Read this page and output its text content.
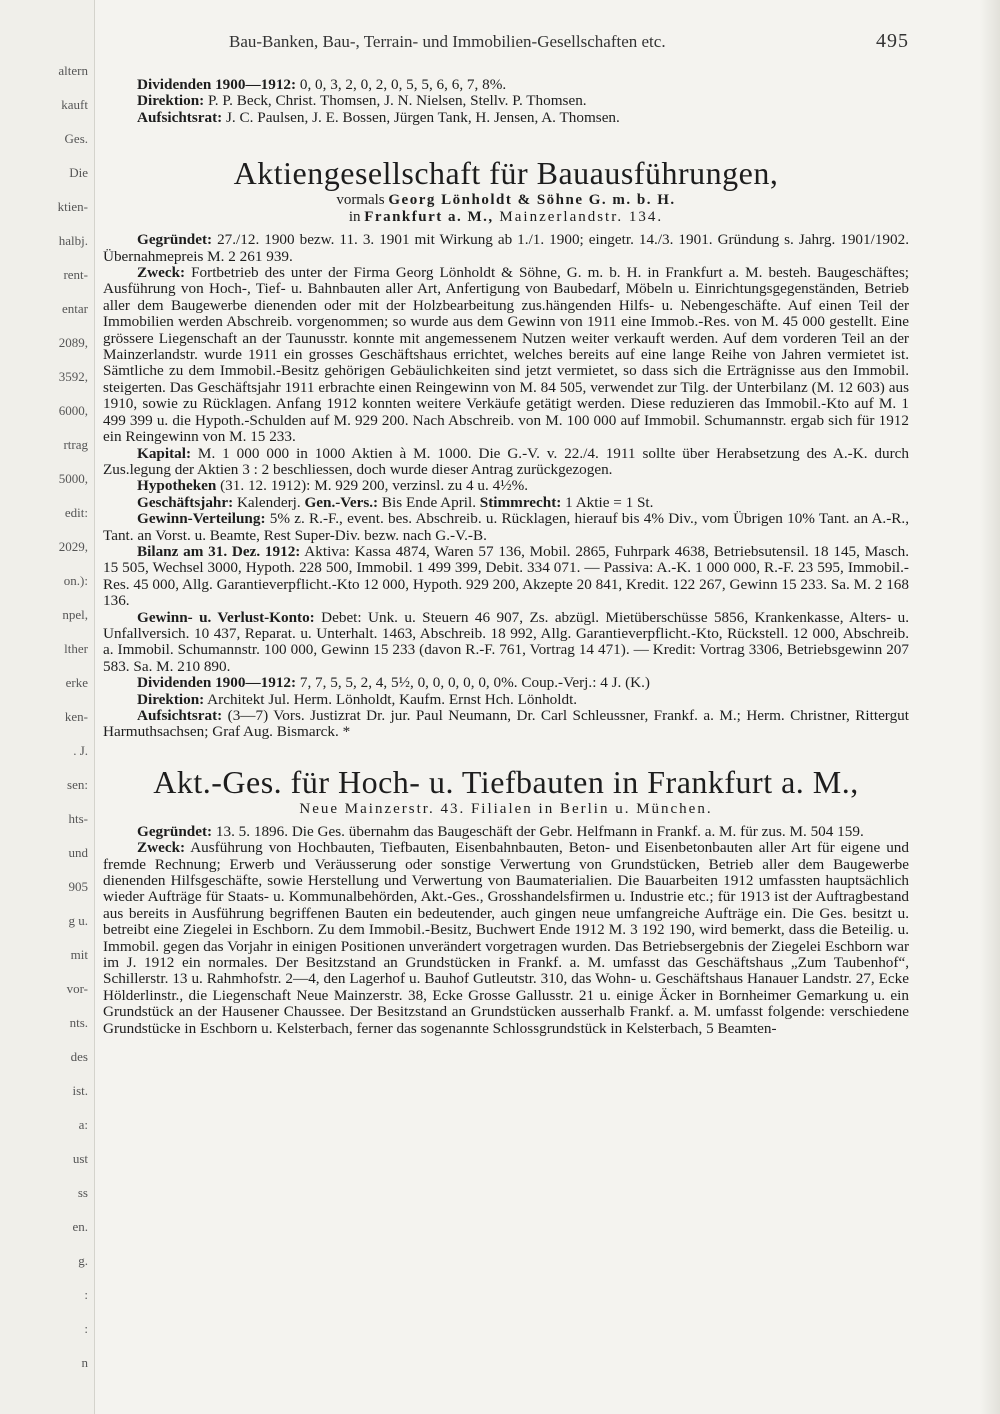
altern
kauft
Ges.
Die
ktien-
halbj.
rent-
entar
2089,
3592,
6000,
rtrag
5000,
edit:
2029,
on.):
npel,
lther
erke
ken-
. J.
sen:
hts-
und
905
g u.
mit
vor-
nts.
des
ist.
a:
ust
ss
en.
g.
:
:
n
Bau-Banken, Bau-, Terrain- und Immobilien-Gesellschaften etc.	495

Dividenden 1900—1912: 0, 0, 3, 2, 0, 2, 0, 5, 5, 6, 6, 7, 8%.

Direktion: P. P. Beck, Christ. Thomsen, J. N. Nielsen, Stellv. P. Thomsen.

Aufsichtsrat: J. C. Paulsen, J. E. Bossen, Jürgen Tank, H. Jensen, A. Thomsen.

Aktiengesellschaft für Bauausführungen,
vormals Georg Lönholdt & Söhne G. m. b. H.
in Frankfurt a. M., Mainzerlandstr. 134.

Gegründet: 27./12. 1900 bezw. 11. 3. 1901 mit Wirkung ab 1./1. 1900; eingetr. 14./3. 1901. Gründung s. Jahrg. 1901/1902. Übernahmepreis M. 2 261 939.

Zweck: Fortbetrieb des unter der Firma Georg Lönholdt & Söhne, G. m. b. H. in Frankfurt a. M. besteh. Baugeschäftes; Ausführung von Hoch-, Tief- u. Bahnbauten aller Art, Anfertigung von Baubedarf, Möbeln u. Einrichtungsgegenständen, Betrieb aller dem Baugewerbe dienenden oder mit der Holzbearbeitung zus.hängenden Hilfs- u. Nebengeschäfte. Auf einen Teil der Immobilien werden Abschreib. vorgenommen; so wurde aus dem Gewinn von 1911 eine Immob.-Res. von M. 45 000 gestellt. Eine grössere Liegenschaft an der Taunusstr. konnte mit angemessenem Nutzen weiter verkauft werden. Auf dem vorderen Teil an der Mainzerlandstr. wurde 1911 ein grosses Geschäftshaus errichtet, welches bereits auf eine lange Reihe von Jahren vermietet ist. Sämtliche zu dem Immobil.-Besitz gehörigen Gebäulichkeiten sind jetzt vermietet, so dass sich die Erträgnisse aus den Immobil. steigerten. Das Geschäftsjahr 1911 erbrachte einen Reingewinn von M. 84 505, verwendet zur Tilg. der Unterbilanz (M. 12 603) aus 1910, sowie zu Rücklagen. Anfang 1912 konnten weitere Verkäufe getätigt werden. Diese reduzieren das Immobil.-Kto auf M. 1 499 399 u. die Hypoth.-Schulden auf M. 929 200. Nach Abschreib. von M. 100 000 auf Immobil. Schumannstr. ergab sich für 1912 ein Reingewinn von M. 15 233.

Kapital: M. 1 000 000 in 1000 Aktien à M. 1000. Die G.-V. v. 22./4. 1911 sollte über Herabsetzung des A.-K. durch Zus.legung der Aktien 3 : 2 beschliessen, doch wurde dieser Antrag zurückgezogen.

Hypotheken (31. 12. 1912): M. 929 200, verzinsl. zu 4 u. 4½%.

Geschäftsjahr: Kalenderj. Gen.-Vers.: Bis Ende April. Stimmrecht: 1 Aktie = 1 St.

Gewinn-Verteilung: 5% z. R.-F., event. bes. Abschreib. u. Rücklagen, hierauf bis 4% Div., vom Übrigen 10% Tant. an A.-R., Tant. an Vorst. u. Beamte, Rest Super-Div. bezw. nach G.-V.-B.

Bilanz am 31. Dez. 1912: Aktiva: Kassa 4874, Waren 57 136, Mobil. 2865, Fuhrpark 4638, Betriebsutensil. 18 145, Masch. 15 505, Wechsel 3000, Hypoth. 228 500, Immobil. 1 499 399, Debit. 334 071. — Passiva: A.-K. 1 000 000, R.-F. 23 595, Immobil.-Res. 45 000, Allg. Garantieverpflicht.-Kto 12 000, Hypoth. 929 200, Akzepte 20 841, Kredit. 122 267, Gewinn 15 233. Sa. M. 2 168 136.

Gewinn- u. Verlust-Konto: Debet: Unk. u. Steuern 46 907, Zs. abzügl. Mietüberschüsse 5856, Krankenkasse, Alters- u. Unfallversich. 10 437, Reparat. u. Unterhalt. 1463, Abschreib. 18 992, Allg. Garantieverpflicht.-Kto, Rückstell. 12 000, Abschreib. a. Immobil. Schumannstr. 100 000, Gewinn 15 233 (davon R.-F. 761, Vortrag 14 471). — Kredit: Vortrag 3306, Betriebsgewinn 207 583. Sa. M. 210 890.

Dividenden 1900—1912: 7, 7, 5, 5, 2, 4, 5½, 0, 0, 0, 0, 0, 0%. Coup.-Verj.: 4 J. (K.)

Direktion: Architekt Jul. Herm. Lönholdt, Kaufm. Ernst Hch. Lönholdt.

Aufsichtsrat: (3—7) Vors. Justizrat Dr. jur. Paul Neumann, Dr. Carl Schleussner, Frankf. a. M.; Herm. Christner, Rittergut Harmuthsachsen; Graf Aug. Bismarck. *

Akt.-Ges. für Hoch- u. Tiefbauten in Frankfurt a. M.,
Neue Mainzerstr. 43. Filialen in Berlin u. München.

Gegründet: 13. 5. 1896. Die Ges. übernahm das Baugeschäft der Gebr. Helfmann in Frankf. a. M. für zus. M. 504 159.

Zweck: Ausführung von Hochbauten, Tiefbauten, Eisenbahnbauten, Beton- und Eisenbetonbauten aller Art für eigene und fremde Rechnung; Erwerb und Veräusserung oder sonstige Verwertung von Grundstücken, Betrieb aller dem Baugewerbe dienenden Hilfsgeschäfte, sowie Herstellung und Verwertung von Baumaterialien. Die Bauarbeiten 1912 umfassten hauptsächlich wieder Aufträge für Staats- u. Kommunalbehörden, Akt.-Ges., Grosshandelsfirmen u. Industrie etc.; für 1913 ist der Auftragbestand aus bereits in Ausführung begriffenen Bauten ein bedeutender, auch gingen neue umfangreiche Aufträge ein. Die Ges. besitzt u. betreibt eine Ziegelei in Eschborn. Zu dem Immobil.-Besitz, Buchwert Ende 1912 M. 3 192 190, wird bemerkt, dass die Beteilig. u. Immobil. gegen das Vorjahr in einigen Positionen unverändert vorgetragen wurden. Das Betriebsergebnis der Ziegelei Eschborn war im J. 1912 ein normales. Der Besitzstand an Grundstücken in Frankf. a. M. umfasst das Geschäftshaus „Zum Taubenhof“, Schillerstr. 13 u. Rahmhofstr. 2—4, den Lagerhof u. Bauhof Gutleutstr. 310, das Wohn- u. Geschäftshaus Hanauer Landstr. 27, Ecke Hölderlinstr., die Liegenschaft Neue Mainzerstr. 38, Ecke Grosse Gallusstr. 21 u. einige Äcker in Bornheimer Gemarkung u. ein Grundstück an der Hausener Chaussee. Der Besitzstand an Grundstücken ausserhalb Frankf. a. M. umfasst folgende: verschiedene Grundstücke in Eschborn u. Kelsterbach, ferner das sogenannte Schlossgrundstück in Kelsterbach, 5 Beamten-
